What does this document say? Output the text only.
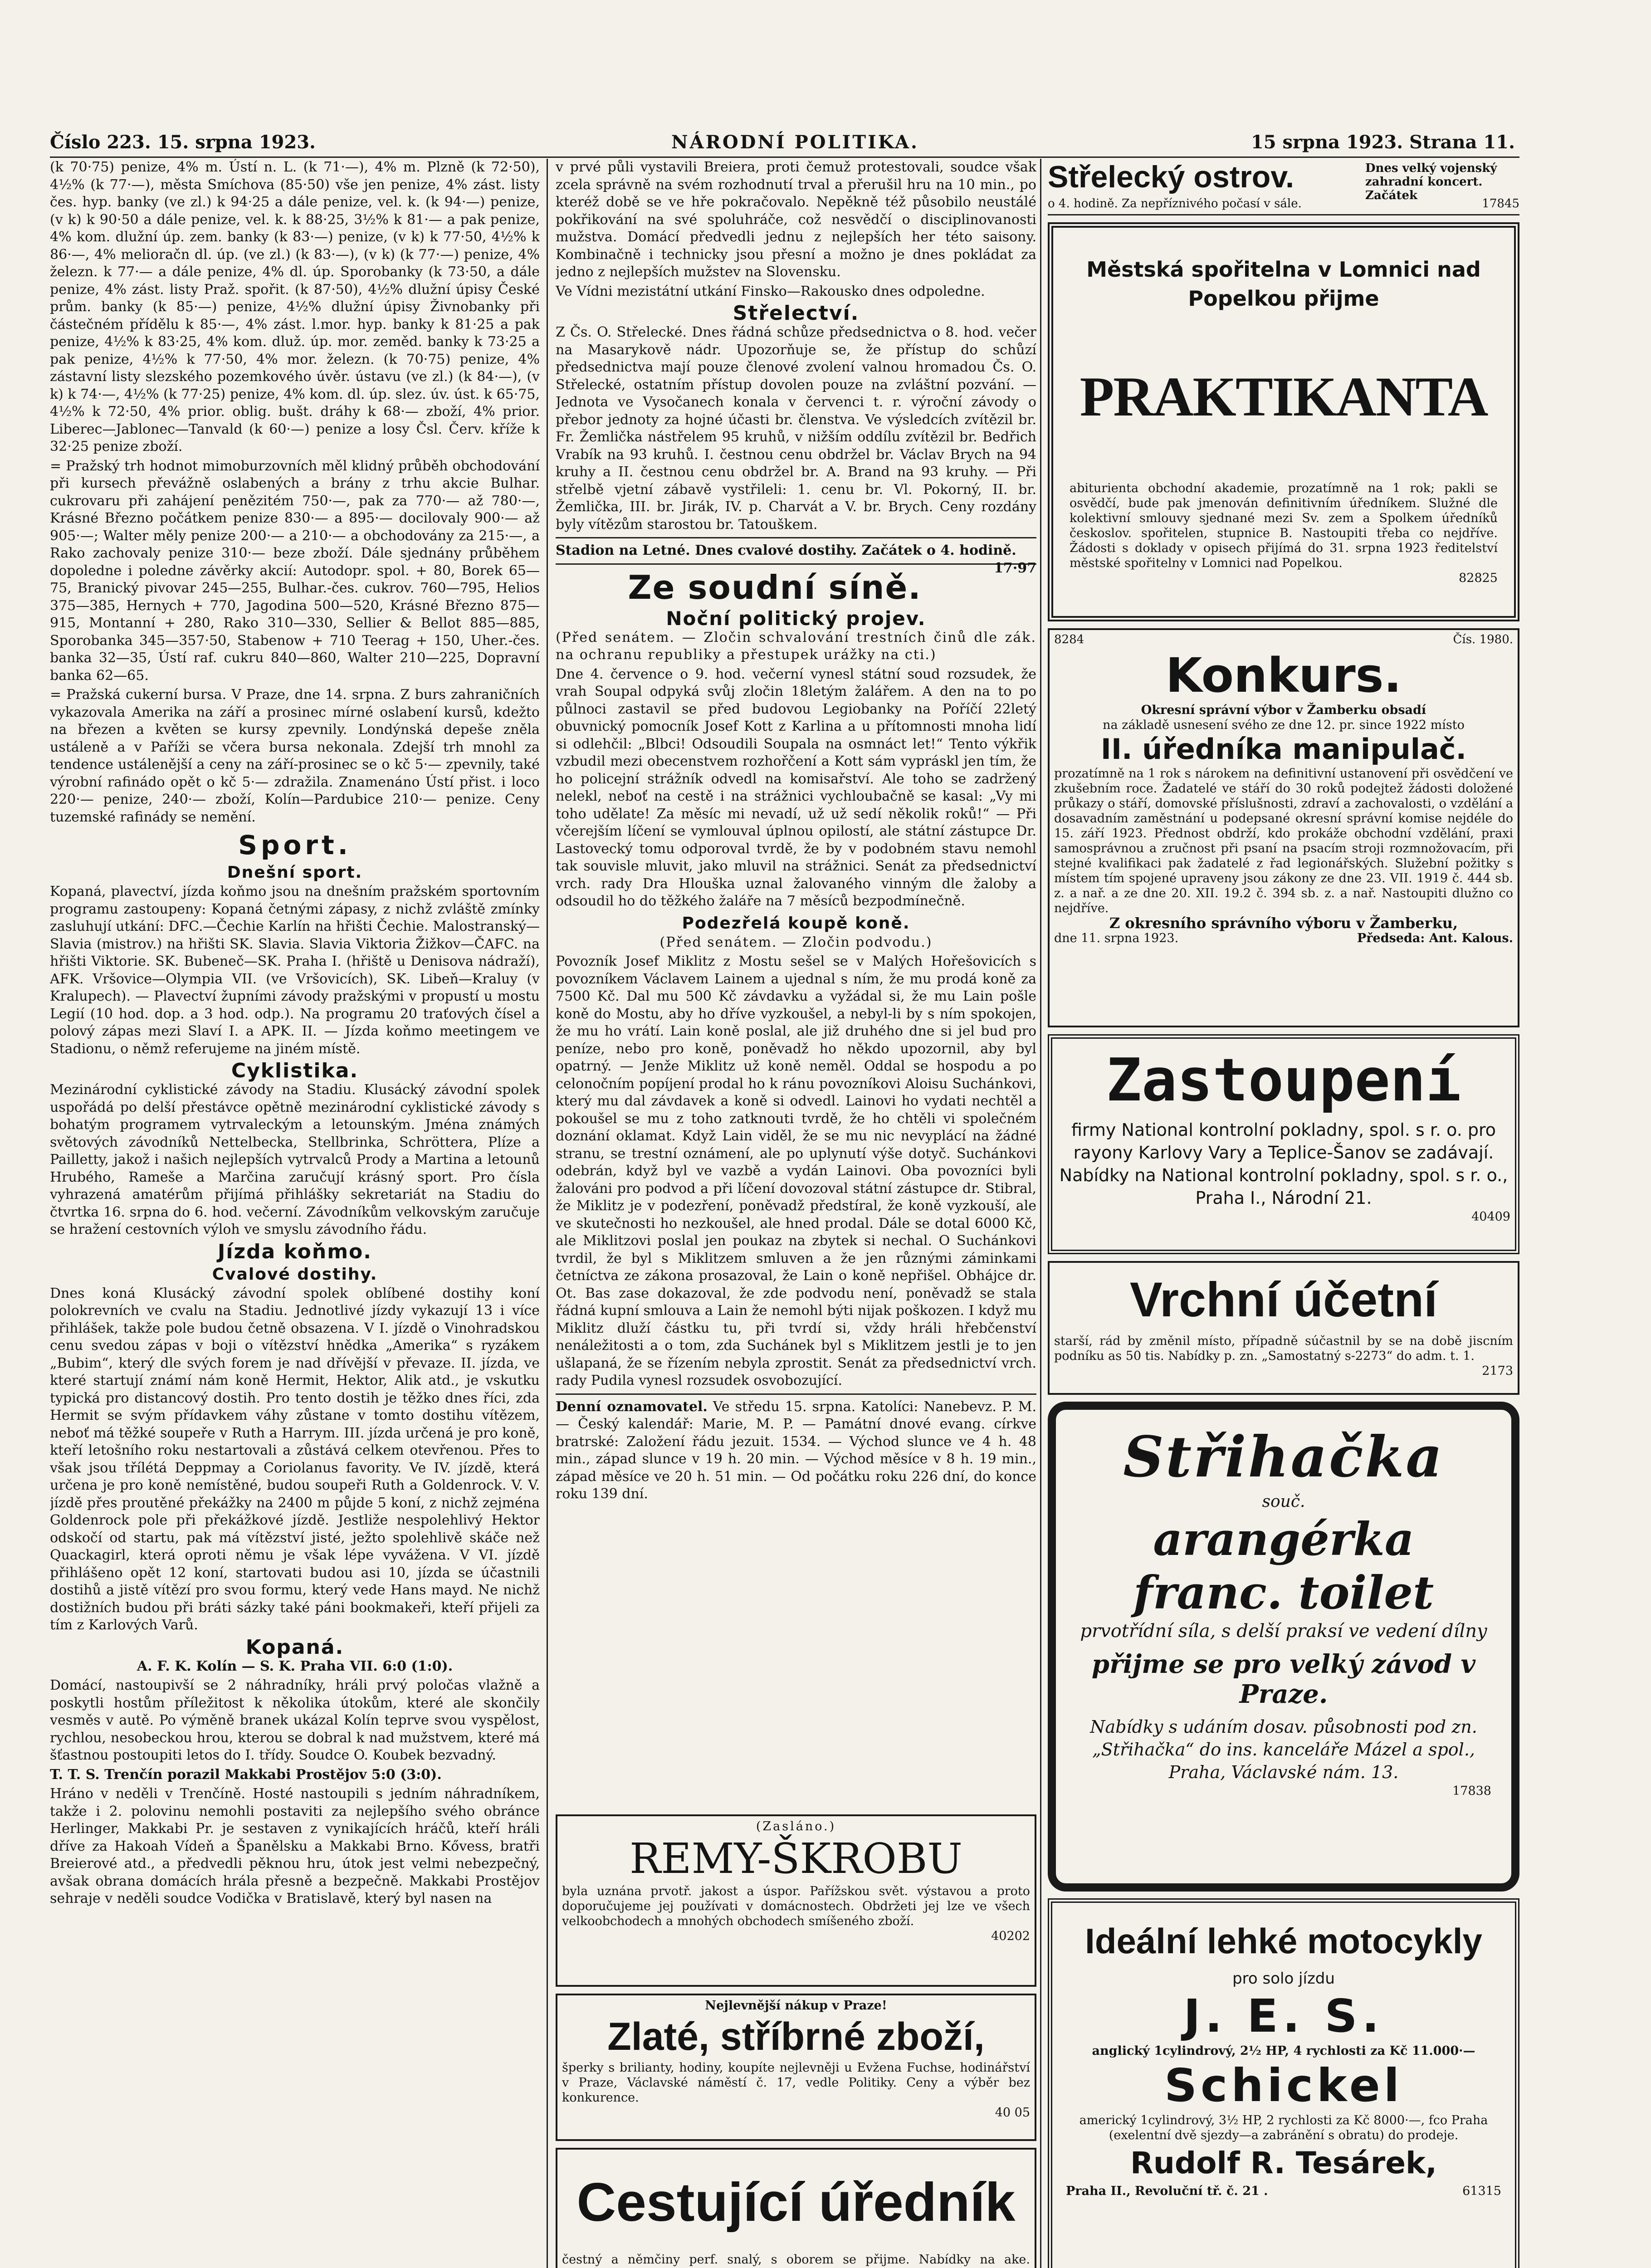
Číslo 223. 15. srpna 1923.	NÁRODNÍ POLITIKA.	15 srpna 1923. Strana 11.

(k 70·75) penize, 4% m. Ústí n. L. (k 71·—), 4% m. Plzně (k 72·50), 4½% (k 77·—), města Smíchova (85·50) vše jen penize, 4% zást. listy čes. hyp. banky (ve zl.) k 94·25 a dále penize, vel. k. (k 94·—) penize, (v k) k 90·50 a dále penize, vel. k. k 88·25, 3½% k 81·— a pak penize, 4% kom. dlužní úp. zem. banky (k 83·—) penize, (v k) k 77·50, 4½% k 86·—, 4% melioračn dl. úp. (ve zl.) (k 83·—), (v k) (k 77·—) penize, 4% železn. k 77·— a dále penize, 4% dl. úp. Sporobanky (k 73·50, a dále penize, 4% zást. listy Praž. spořit. (k 87·50), 4½% dlužní úpisy České prům. banky (k 85·—) penize, 4½% dlužní úpisy Živnobanky při částečném přídělu k 85·—, 4% zást. l.mor. hyp. banky k 81·25 a pak penize, 4½% k 83·25, 4% kom. dluž. úp. mor. zeměd. banky k 73·25 a pak penize, 4½% k 77·50, 4% mor. železn. (k 70·75) penize, 4% zástavní listy slezského pozemkového úvěr. ústavu (ve zl.) (k 84·—), (v k) k 74·—, 4½% (k 77·25) penize, 4% kom. dl. úp. slez. úv. úst. k 65·75, 4½% k 72·50, 4% prior. oblig. bušt. dráhy k 68·— zboží, 4% prior. Liberec—Jablonec—Tanvald (k 60·—) penize a losy Čsl. Červ. kříže k 32·25 penize zboží.

= Pražský trh hodnot mimoburzovních měl klidný průběh obchodování při kursech převážně oslabených a brány z trhu akcie Bulhar. cukrovaru při zahájení penězitém 750·—, pak za 770·— až 780·—, Krásné Březno počátkem penize 830·— a 895·— docilovaly 900·— až 905·—; Walter měly penize 200·— a 210·— a obchodovány za 215·—, a Rako zachovaly penize 310·— beze zboží. Dále sjednány průběhem dopoledne i poledne závěrky akcií: Autodopr. spol. + 80, Borek 65—75, Branický pivovar 245—255, Bulhar.-čes. cukrov. 760—795, Helios 375—385, Hernych + 770, Jagodina 500—520, Krásné Březno 875—915, Montanní + 280, Rako 310—330, Sellier & Bellot 885—885, Sporobanka 345—357·50, Stabenow + 710 Teerag + 150, Uher.-čes. banka 32—35, Ústí raf. cukru 840—860, Walter 210—225, Dopravní banka 62—65.

= Pražská cukerní bursa. V Praze, dne 14. srpna. Z burs zahraničních vykazovala Amerika na září a prosinec mírné oslabení kursů, kdežto na březen a květen se kursy zpevnily. Londýnská depeše zněla ustáleně a v Paříži se včera bursa nekonala. Zdejší trh mnohl za tendence ustálenější a ceny na září-prosinec se o kč 5·— zpevnily, také výrobní rafinádo opět o kč 5·— zdražila. Znamenáno Ústí přist. i loco 220·— penize, 240·— zboží, Kolín—Pardubice 210·— penize. Ceny tuzemské rafinády se nemění.

Sport.
Dnešní sport.

Kopaná, plavectví, jízda koňmo jsou na dnešním pražském sportovním programu zastoupeny: Kopaná četnými zápasy, z nichž zvláště zmínky zasluhují utkání: DFC.—Čechie Karlín na hřišti Čechie. Malostranský—Slavia (mistrov.) na hřišti SK. Slavia. Slavia Viktoria Žižkov—ČAFC. na hřišti Viktorie. SK. Bubeneč—SK. Praha I. (hřiště u Denisova nádraží), AFK. Vršovice—Olympia VII. (ve Vršovicích), SK. Libeň—Kraluy (v Kralupech). — Plavectví župními závody pražskými v propustí u mostu Legií (10 hod. dop. a 3 hod. odp.). Na programu 20 traťových čísel a polový zápas mezi Slaví I. a APK. II. — Jízda koňmo meetingem ve Stadionu, o němž referujeme na jiném místě.

Cyklistika.

Mezinárodní cyklistické závody na Stadiu. Klusácký závodní spolek uspořádá po delší přestávce opětně mezinárodní cyklistické závody s bohatým programem vytrvaleckým a letounským. Jména známých světových závodníků Nettelbecka, Stellbrinka, Schröttera, Plíze a Pailletty, jakož i našich nejlepších vytrvalců Prody a Martina a letounů Hrubého, Ramešе a Marčina zaručují krásný sport. Pro čísla vyhrazená amatérům přijímá přihlášky sekretariát na Stadiu do čtvrtka 16. srpna do 6. hod. večerní. Závodníkům velkovským zaručuje se hražení cestovních výloh ve smyslu závodního řádu.

Jízda koňmo.
Cvalové dostihy.

Dnes koná Klusácký závodní spolek oblíbené dostihy koní polokrevních ve cvalu na Stadiu. Jednotlivé jízdy vykazují 13 i více přihlášek, takže pole budou četně obsazena. V I. jízdě o Vinohradskou cenu svedou zápas v boji o vítězství hnědka „Amerika“ s ryzákem „Bubim“, který dle svých forem je nad dřívější v převaze. II. jízda, ve které startují známí nám koně Hermit, Hektor, Alik atd., je vskutku typická pro distancový dostih. Pro tento dostih je těžko dnes říci, zda Hermit se svým přídavkem váhy zůstane v tomto dostihu vítězem, neboť má těžké soupeře v Ruth a Harrym. III. jízda určená je pro koně, kteří letošního roku nestartovali a zůstává celkem otevřenou. Přes to však jsou třílétá Deppmay a Coriolanus favority. Ve IV. jízdě, která určena je pro koně nemístěné, budou soupeři Ruth a Goldenrock. V. V. jízdě přes proutěné překážky na 2400 m půjde 5 koní, z nichž zejména Goldenrock pole při překážkové jízdě. Jestliže nespolehlivý Hektor odskočí od startu, pak má vítězství jisté, ježto spolehlivě skáče než Quackagirl, která oproti němu je však lépe vyvážena. V VI. jízdě přihlášeno opět 12 koní, startovati budou asi 10, jízda se účastnili dostihů a jistě vítězí pro svou formu, který vede Hans mayd. Ne nichž dostižních budou při bráti sázky také páni bookmakeři, kteří přijeli za tím z Karlových Varů.

Kopaná.

A. F. K. Kolín — S. K. Praha VII. 6:0 (1:0).

Domácí, nastoupivší se 2 náhradníky, hráli prvý poločas vlažně a poskytli hostům příležitost k několika útokům, které ale skončily vesměs v autě. Po výměně branek ukázal Kolín teprve svou vyspělost, rychlou, nesobeckou hrou, kterou se dobral k nad mužstvem, které má šťastnou postoupiti letos do I. třídy. Soudce O. Koubek bezvadný.

T. T. S. Trenčín porazil Makkabi Prostějov 5:0 (3:0).

Hráno v neděli v Trenčíně. Hosté nastoupili s jedním náhradníkem, takže i 2. polovinu nemohli postaviti za nejlepšího svého obránce Herlinger, Makkabi Pr. je sestaven z vynikajících hráčů, kteří hráli dříve za Hakoah Vídeň a Španělsku a Makkabi Brno. Kővess, bratři Breierové atd., a předvedli pěknou hru, útok jest velmi nebezpečný, avšak obrana domácích hrála přesně a bezpečně. Makkabi Prostějov sehraje v neděli soudce Vodička v Bratislavě, který byl nasen na

v prvé půli vystavili Breiera, proti čemuž protestovali, soudce však zcela správně na svém rozhodnutí trval a přerušil hru na 10 min., po kteréž době se ve hře pokračovalo. Nepěkně též působilo neustálé pokřikování na své spoluhráče, což nesvědčí o disciplinovanosti mužstva. Domácí předvedli jednu z nejlepších her této saisony. Kombinačně i technicky jsou přesní a možno je dnes pokládat za jedno z nejlepších mužstev na Slovensku.

Ve Vídni mezistátní utkání Finsko—Rakousko dnes odpoledne.

Střelectví.

Z Čs. O. Střelecké. Dnes řádná schůze předsednictva o 8. hod. večer na Masarykově nádr. Upozorňuje se, že přístup do schůzí předsednictva mají pouze členové zvolení valnou hromadou Čs. O. Střelecké, ostatním přístup dovolen pouze na zvláštní pozvání. — Jednota ve Vysočanech konala v červenci t. r. výroční závody o přebor jednoty za hojné účasti br. členstva. Ve výsledcích zvítězil br. Fr. Žemlička nástřelem 95 kruhů, v nižším oddílu zvítězil br. Bedřich Vrabík na 93 kruhů. I. čestnou cenu obdržel br. Václav Brych na 94 kruhy a II. čestnou cenu obdržel br. A. Brand na 93 kruhy. — Při střelbě vjetní zábavě vystřileli: 1. cenu br. Vl. Pokorný, II. br. Žemlička, III. br. Jirák, IV. p. Charvát a V. br. Brych. Ceny rozdány byly vítězům starostou br. Tatouškem.

Stadion na Letné. Dnes cvalové dostihy. Začátek o 4. hodině.
17·97

Ze soudní síně.
Noční politický projev.

(Před senátem. — Zločin schvalování trestních činů dle zák. na ochranu republiky a přestupek urážky na cti.)

Dne 4. července o 9. hod. večerní vynesl státní soud rozsudek, že vrah Soupal odpyká svůj zločin 18letým žalářem. A den na to po půlnoci zastavil se před budovou Legiobanky na Poříčí 22letý obuvnický pomocník Josef Kott z Karlina a u přítomnosti mnoha lidí si odlehčil: „Blbci! Odsoudili Soupala na osmnáct let!“ Tento výkřik vzbudil mezi obecenstvem rozhořčení a Kott sám vypráskl jen tím, že ho policejní strážník odvedl na komisařství. Ale toho se zadržený nelekl, neboť na cestě i na strážnici vychloubačně se kasal: „Vy mi toho udělatе! Za měsíc mi nevadí, už už sedí několik roků!“ — Při včerejším líčení se vymlouval úplnou opilostí, ale státní zástupce Dr. Lastovecký tomu odporoval tvrdě, že by v podobném stavu nemohl tak souvisle mluvit, jako mluvil na strážnici. Senát za předsednictví vrch. rady Dra Hlouška uznal žalovaného vinným dle žaloby a odsoudil ho do těžkého žaláře na 7 měsíců bezpodmínečně.

Podezřelá koupě koně.

(Před senátem. — Zločin podvodu.)

Povozník Josef Miklitz z Mostu sešel se v Malých Hořešovicích s povozníkem Václavem Lainem a ujednal s ním, že mu prodá koně za 7500 Kč. Dal mu 500 Kč závdavku a vyžádal si, že mu Lain pošle koně do Mostu, aby ho dříve vyzkoušel, a nebyl-li by s ním spokojen, že mu ho vrátí. Lain koně poslal, ale již druhého dne si jel bud pro peníze, nebo pro koně, poněvadž ho někdo upozornil, aby byl opatrný. — Jenže Miklitz už koně neměl. Oddal se hospodu a po celonočním popíjení prodal ho k ránu povozníkovi Aloisu Suchánkovi, který mu dal závdavek a koně si odvedl. Lainovi ho vydati nechtěl a pokoušel se mu z toho zatknouti tvrdě, že ho chtěli vi společném doznání oklamat. Když Lain viděl, že se mu nic nevyplácí na žádné stranu, se trestní oznámení, ale po uplynutí výše dotyč. Suchánkovi odebrán, když byl ve vazbě a vydán Lainovi. Oba povozníci byli žalováni pro podvod a při líčení dovozoval státní zástupce dr. Stibral, že Miklitz je v podezření, poněvadž předstíral, že koně vyzkouší, ale ve skutečnosti ho nezkoušel, ale hned prodal. Dále se dotal 6000 Kč, ale Miklitzovi poslal jen poukaz na zbytek si nechal. O Suchánkovi tvrdil, že byl s Miklitzem smluven a že jen různými záminkami četníctva ze zákona prosazoval, že Lain o koně nepřišel. Obhájce dr. Ot. Bas zase dokazoval, že zde podvodu není, poněvadž se stala řádná kupní smlouva a Lain že nemohl býti nijak poškozen. I když mu Miklitz dluží částku tu, při tvrdí si, vždy hráli hřebčenství nenáležitosti a o tom, zda Suchánek byl s Miklitzem jestli je to jen ušlapaná, že se řízením nebyla zprostit. Senát za předsednictví vrch. rady Pudila vynesl rozsudek osvobozující.

Denní oznamovatel. Ve středu 15. srpna. Katolíci: Nanebevz. P. M. — Český kalendář: Marie, M. P. — Památní dnové evang. církve bratrské: Založení řádu jezuit. 1534. — Východ slunce ve 4 h. 48 min., západ slunce v 19 h. 20 min. — Východ měsíce v 8 h. 19 min., západ měsíce ve 20 h. 51 min. — Od počátku roku 226 dní, do konce roku 139 dní.

(Zasláno.)

REMY-ŠKROBU

byla uznána prvotř. jakost a úspor. Pařížskou svět. výstavou a proto doporučujeme jej používati v domácnostech. Obdržeti jej lze ve všech velkoobchodech a mnohých obchodech smíšeného zboží.

40202

Nejlevnější nákup v Praze!

Zlaté, stříbrné zboží,

šperky s brilianty, hodiny, koupíte nejlevněji u Evžena Fuchse, hodinářství v Praze, Václavské náměstí č. 17, vedle Politiky. Ceny a výběr bez konkurence.

40 05

Cestující úředník

čestný a němčiny perf. snalý, s oborem se přijme. Nabídky na ake.

Střelecký ostrov.	Dnes velký vojenský zahradní koncert. Začátek
o 4. hodině. Za nepříznivého počasí v sále.	17845

Městská spořitelna v Lomnici nad Popelkou přijme

PRAKTIKANTA

abiturienta obchodní akademie, prozatímně na 1 rok; pakli se osvědčí, bude pak jmenován definitivním úředníkem. Služné dle kolektivní smlouvy sjednané mezi Sv. zem a Spolkem úředníků českoslov. spořitelen, stupnice B. Nastoupiti třeba co nejdříve. Žádosti s doklady v opisech přijímá do 31. srpna 1923 ředitelství městské spořitelny v Lomnici nad Popelkou.

82825

8284	Čís. 1980.
Konkurs.

Okresní správní výbor v Žamberku obsadí

na základě usnesení svého ze dne 12. pr. since 1922 místo

II. úředníka manipulač.

prozatímně na 1 rok s nárokem na definitivní ustanovení při osvědčení ve zkušebním roce. Žadatelé ve stáří do 30 roků podejtež žádosti doložené průkazy o stáří, domovské příslušnosti, zdraví a zachovalosti, o vzdělání a dosavadním zaměstnání u podepsané okresní správní komise nejdéle do 15. září 1923. Přednost obdrží, kdo prokáže obchodní vzdělání, praxi samosprávnou a zručnost při psaní na psacím stroji rozmnožovacím, při stejné kvalifikaci pak žadatelé z řad legionářských. Služební požitky s místem tím spojené upraveny jsou zákony ze dne 23. VII. 1919 č. 444 sb. z. a nař. a ze dne 20. XII. 19.2 č. 394 sb. z. a nař. Nastoupiti dlužno co nejdříve.

Z okresního správního výboru v Žamberku,

dne 11. srpna 1923.	Předseda: Ant. Kalous.

Zastoupení

firmy National kontrolní pokladny, spol. s r. o. pro rayony Karlovy Vary a Teplice-Šanov se zadávají. Nabídky na National kontrolní pokladny, spol. s r. o., Praha I., Národní 21.

40409

Vrchní účetní

starší, rád by změnil místo, případně súčastnil by se na době jiscním podníku as 50 tis. Nabídky p. zn. „Samostatný s-2273“ do adm. t. 1.

2173

Střihačka
souč.
arangérka
franc. toilet

prvotřídní síla, s delší praksí ve vedení dílny

přijme se pro velký závod v Praze.

Nabídky s udáním dosav. působnosti pod zn. „Střihačka“ do ins. kanceláře Mázel a spol., Praha, Václavské nám. 13.

17838

Ideální lehké motocykly

pro solo jízdu

J. E. S.

anglický 1cylindrový, 2½ HP, 4 rychlosti za Kč 11.000·—

Schickel

americký 1cylindrový, 3½ HP, 2 rychlosti za Kč 8000·—, fco Praha (exelentní dvě sjezdy—a zabránění s obratu) do prodeje.

Rudolf R. Tesárek,

Praha II., Revoluční tř. č. 21 .	61315
